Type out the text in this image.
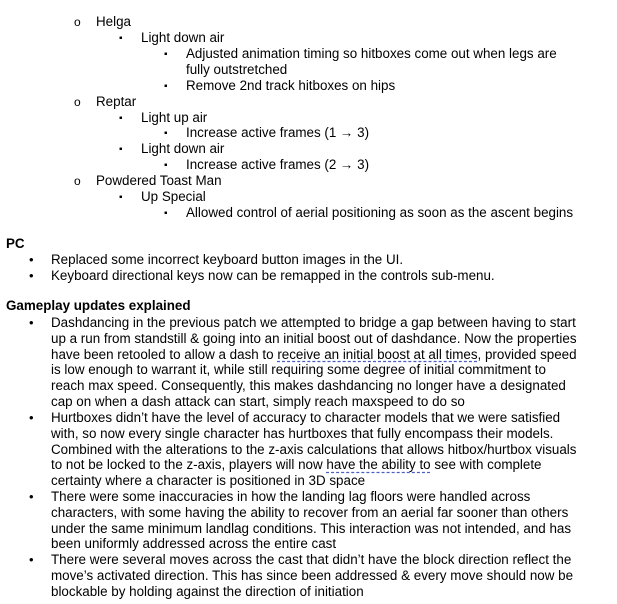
o Helga
▪ Light down air
▪ Adjusted animation timing so hitboxes come out when legs are
fully outstretched
▪ Remove 2nd track hitboxes on hips
o Reptar
▪ Light up air
▪ Increase active frames (1 → 3)
▪ Light down air
▪ Increase active frames (2 → 3)
o Powdered Toast Man
▪ Up Special
▪ Allowed control of aerial positioning as soon as the ascent begins
PC
• Replaced some incorrect keyboard button images in the UI.
• Keyboard directional keys now can be remapped in the controls sub-menu.
Gameplay updates explained
• Dashdancing in the previous patch we attempted to bridge a gap between having to start
up a run from standstill & going into an initial boost out of dashdance. Now the properties
have been retooled to allow a dash to receive an initial boost at all times, provided speed
is low enough to warrant it, while still requiring some degree of initial commitment to
reach max speed. Consequently, this makes dashdancing no longer have a designated
cap on when a dash attack can start, simply reach maxspeed to do so
• Hurtboxes didn’t have the level of accuracy to character models that we were satisfied
with, so now every single character has hurtboxes that fully encompass their models.
Combined with the alterations to the z-axis calculations that allows hitbox/hurtbox visuals
to not be locked to the z-axis, players will now have the ability to see with complete
certainty where a character is positioned in 3D space
• There were some inaccuracies in how the landing lag floors were handled across
characters, with some having the ability to recover from an aerial far sooner than others
under the same minimum landlag conditions. This interaction was not intended, and has
been uniformly addressed across the entire cast
• There were several moves across the cast that didn’t have the block direction reflect the
move’s activated direction. This has since been addressed & every move should now be
blockable by holding against the direction of initiation
